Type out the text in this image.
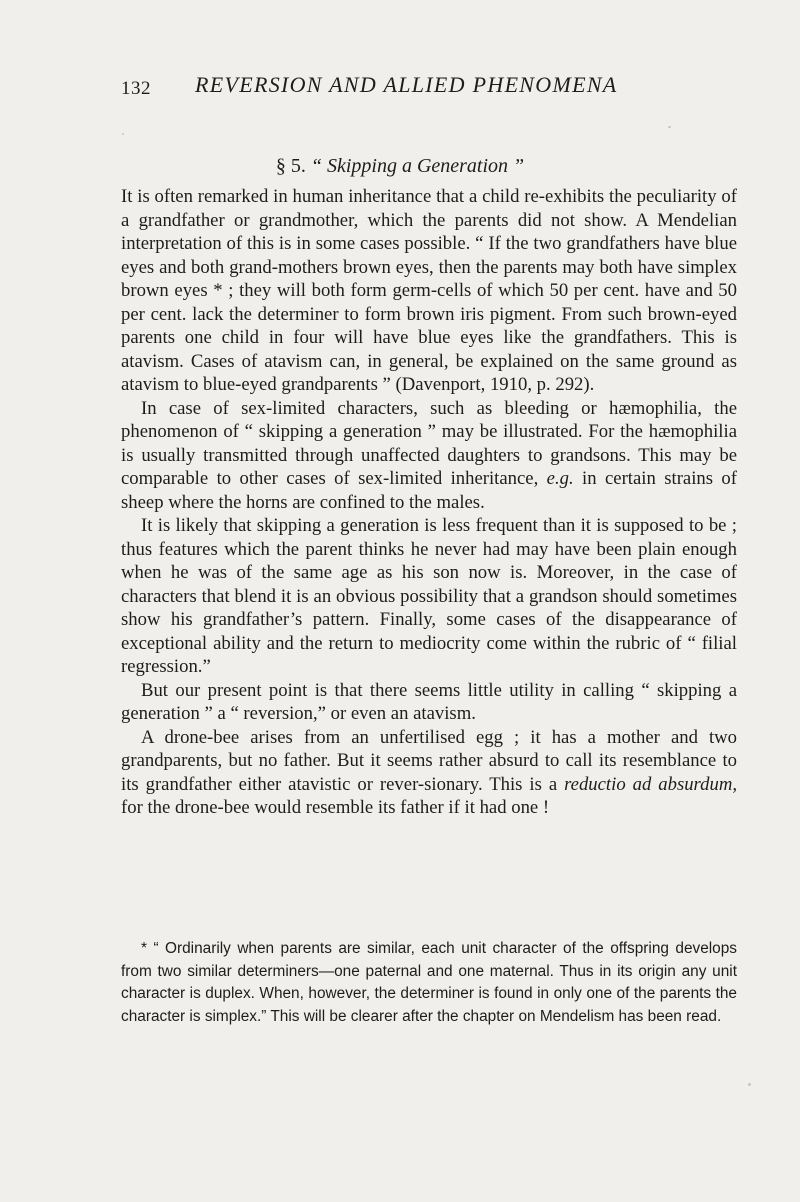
132 REVERSION AND ALLIED PHENOMENA
§ 5. “ Skipping a Generation ”

It is often remarked in human inheritance that a child re-exhibits the peculiarity of a grandfather or grandmother, which the parents did not show. A Mendelian interpretation of this is in some cases possible. “ If the two grandfathers have blue eyes and both grand-mothers brown eyes, then the parents may both have simplex brown eyes * ; they will both form germ-cells of which 50 per cent. have and 50 per cent. lack the determiner to form brown iris pigment. From such brown-eyed parents one child in four will have blue eyes like the grandfathers. This is atavism. Cases of atavism can, in general, be explained on the same ground as atavism to blue-eyed grandparents ” (Davenport, 1910, p. 292).

In case of sex-limited characters, such as bleeding or hæmophilia, the phenomenon of “ skipping a generation ” may be illustrated. For the hæmophilia is usually transmitted through unaffected daughters to grandsons. This may be comparable to other cases of sex-limited inheritance, e.g. in certain strains of sheep where the horns are confined to the males.

It is likely that skipping a generation is less frequent than it is supposed to be ; thus features which the parent thinks he never had may have been plain enough when he was of the same age as his son now is. Moreover, in the case of characters that blend it is an obvious possibility that a grandson should sometimes show his grandfather’s pattern. Finally, some cases of the disappearance of exceptional ability and the return to mediocrity come within the rubric of “ filial regression.”

But our present point is that there seems little utility in calling “ skipping a generation ” a “ reversion,” or even an atavism.

A drone-bee arises from an unfertilised egg ; it has a mother and two grandparents, but no father. But it seems rather absurd to call its resemblance to its grandfather either atavistic or rever-sionary. This is a reductio ad absurdum, for the drone-bee would resemble its father if it had one !

* “ Ordinarily when parents are similar, each unit character of the offspring develops from two similar determiners—one paternal and one maternal. Thus in its origin any unit character is duplex. When, however, the determiner is found in only one of the parents the character is simplex.” This will be clearer after the chapter on Mendelism has been read.
